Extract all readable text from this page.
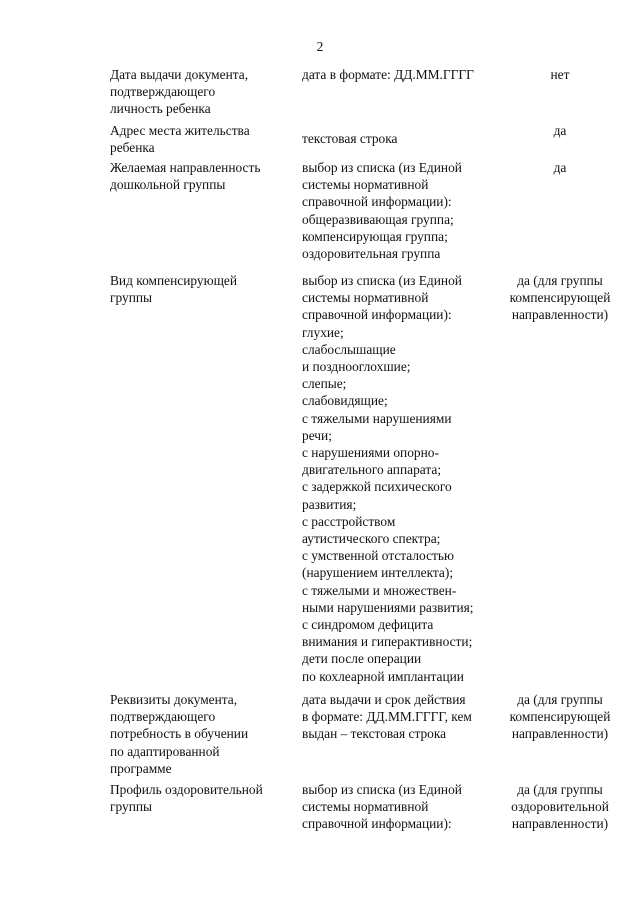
2
Дата выдачи документа,
подтверждающего
личность ребенка
дата в формате: ДД.ММ.ГГГГ	нет
Адрес места жительства
ребенка
текстовая строка
да
Желаемая направленность
дошкольной группы
выбор из списка (из Единой
системы нормативной
справочной информации):
общеразвивающая группа;
компенсирующая группа;
оздоровительная группа
да
Вид компенсирующей
группы
выбор из списка (из Единой
системы нормативной
справочной информации):
глухие;
слабослышащие
и позднооглохшие;
слепые;
слабовидящие;
с тяжелыми нарушениями
речи;
с нарушениями опорно-
двигательного аппарата;
с задержкой психического
развития;
с расстройством
аутистического спектра;
с умственной отсталостью
(нарушением интеллекта);
с тяжелыми и множествен-
ными нарушениями развития;
с синдромом дефицита
внимания и гиперактивности;
дети после операции
по кохлеарной имплантации
да (для группы
компенсирующей
направленности)
Реквизиты документа,
подтверждающего
потребность в обучении
по адаптированной
программе
дата выдачи и срок действия
в формате: ДД.ММ.ГГГГ, кем
выдан – текстовая строка
да (для группы
компенсирующей
направленности)
Профиль оздоровительной
группы
выбор из списка (из Единой
системы нормативной
справочной информации):
да (для группы
оздоровительной
направленности)
